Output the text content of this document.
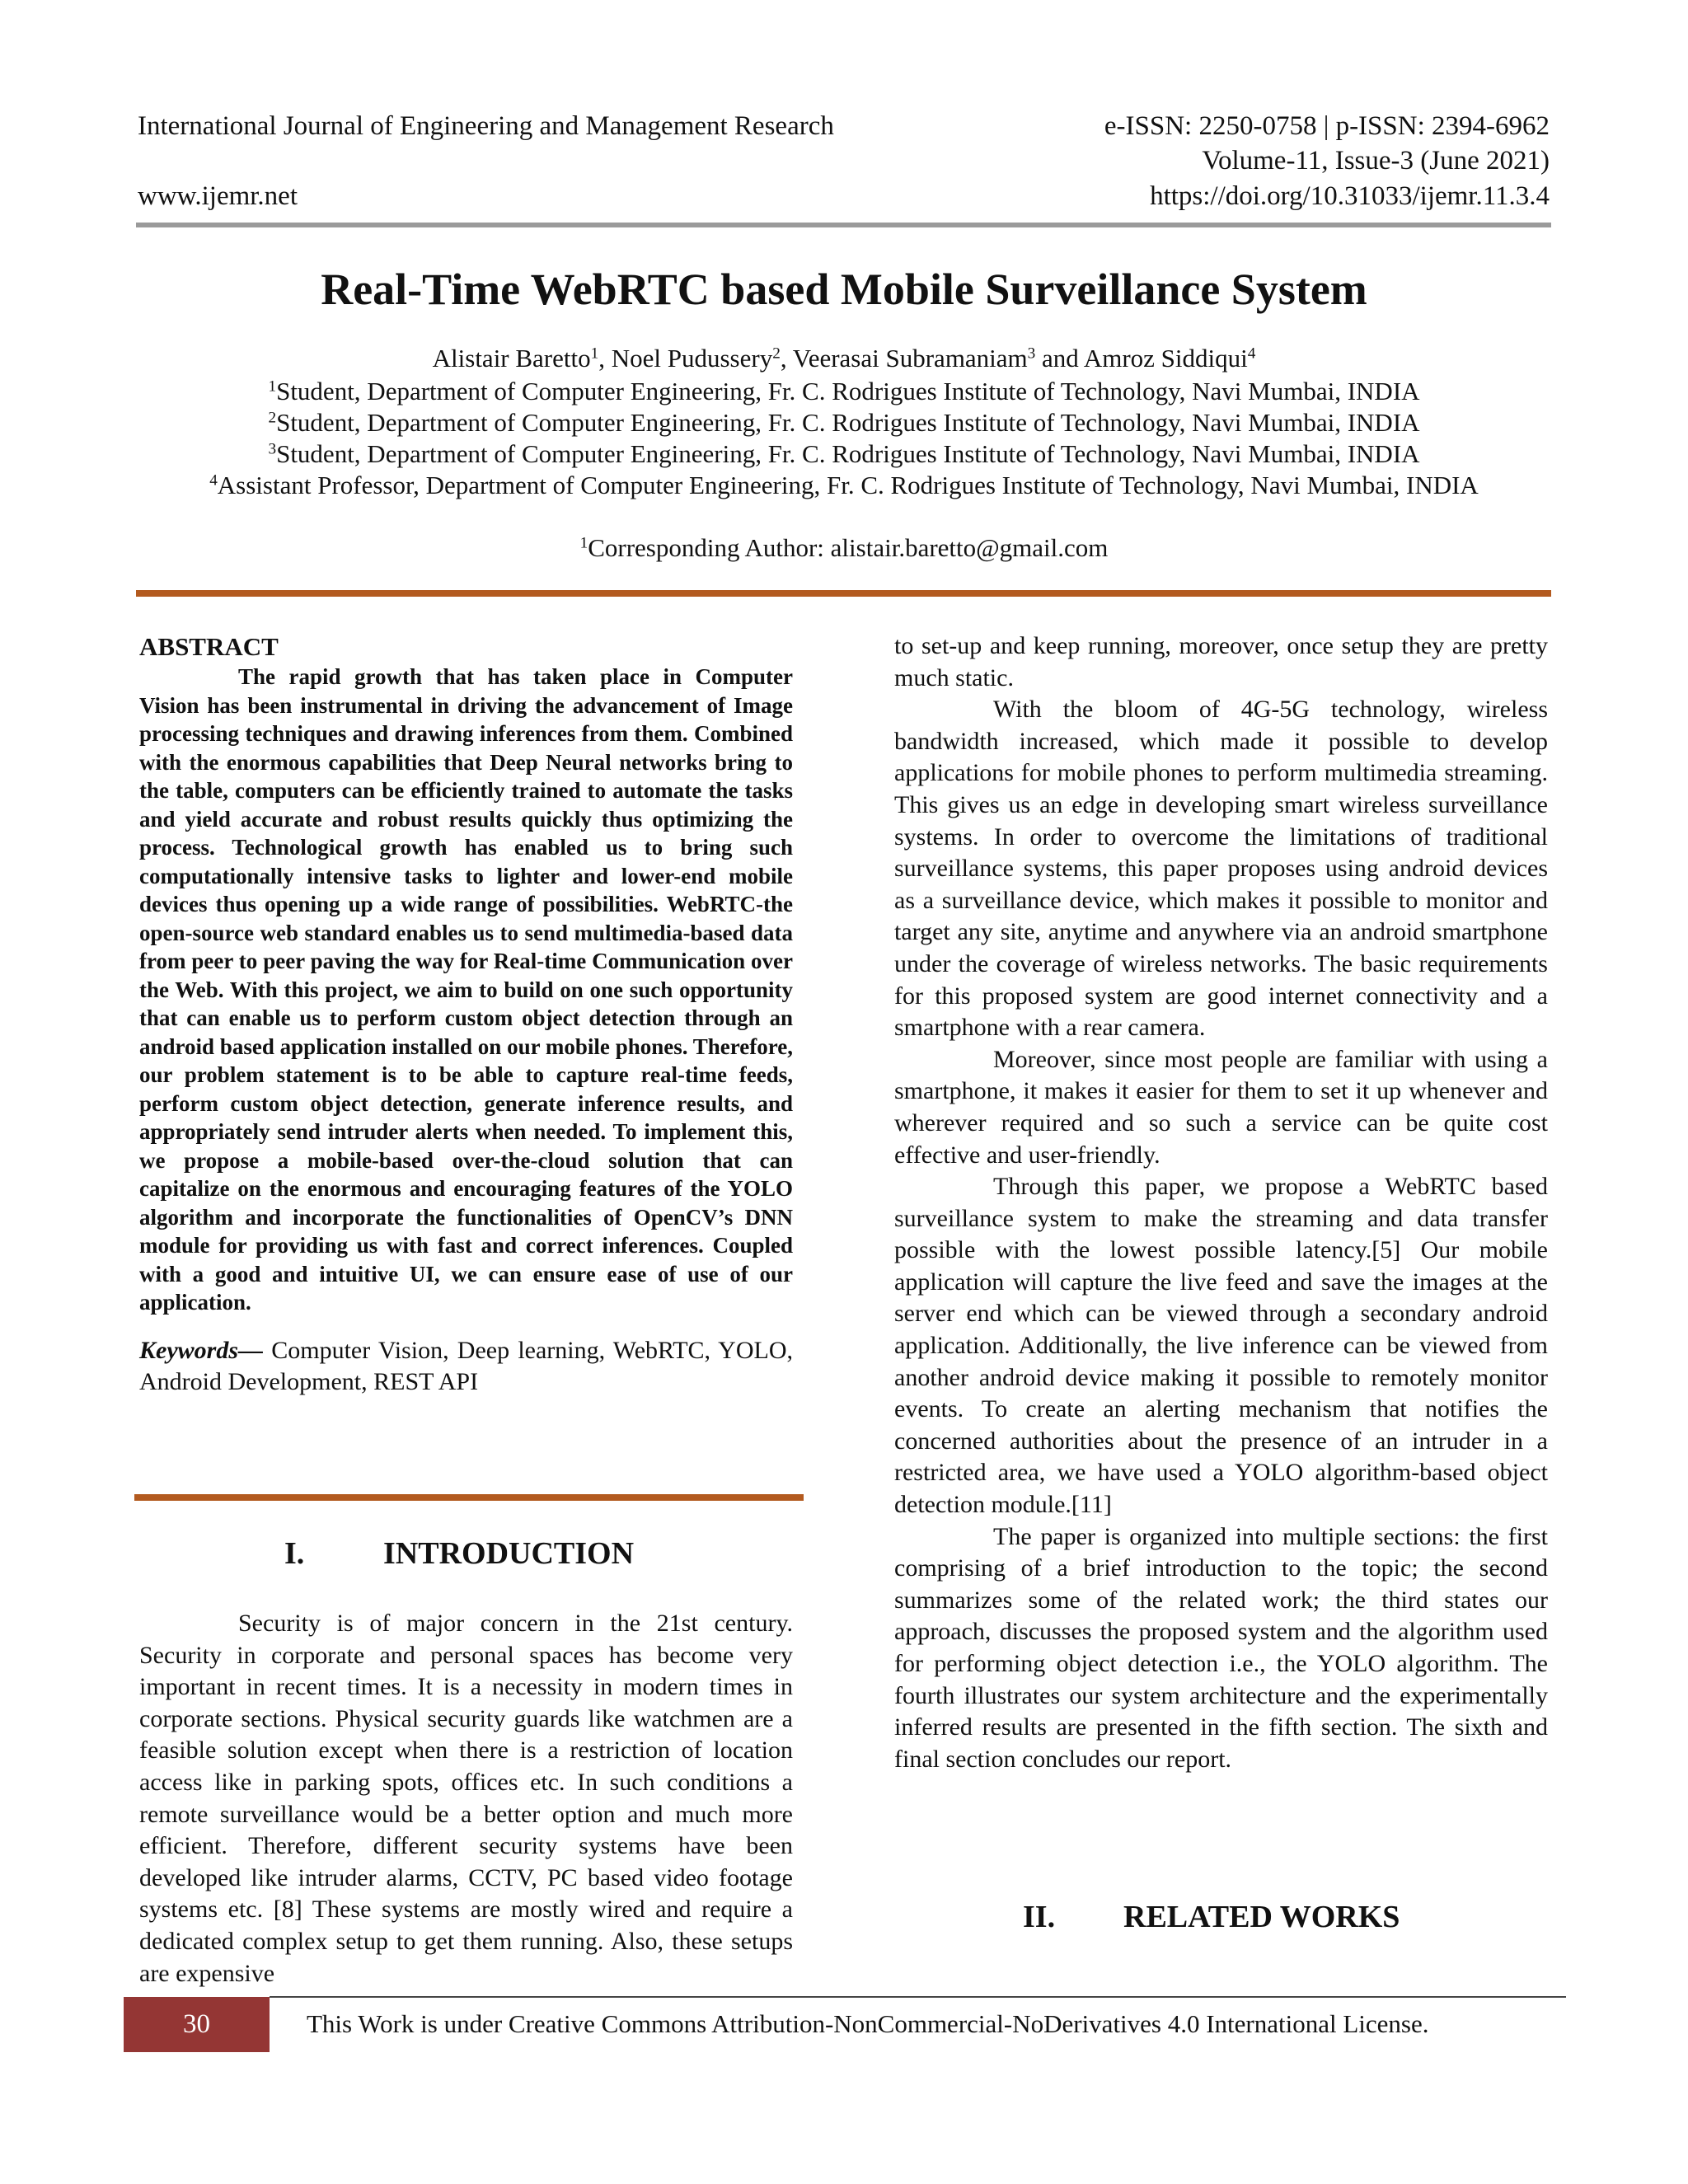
International Journal of Engineering and Management Research	e-ISSN: 2250-0758 | p-ISSN: 2394-6962
Volume-11, Issue-3 (June 2021)
www.ijemr.net	https://doi.org/10.31033/ijemr.11.3.4
Real-Time WebRTC based Mobile Surveillance System
Alistair Baretto$^1$, Noel Pudussery$^2$, Veerasai Subramaniam$^3$ and Amroz Siddiqui$^4$
$^1$Student, Department of Computer Engineering, Fr. C. Rodrigues Institute of Technology, Navi Mumbai, INDIA
$^2$Student, Department of Computer Engineering, Fr. C. Rodrigues Institute of Technology, Navi Mumbai, INDIA
$^3$Student, Department of Computer Engineering, Fr. C. Rodrigues Institute of Technology, Navi Mumbai, INDIA
$^4$Assistant Professor, Department of Computer Engineering, Fr. C. Rodrigues Institute of Technology, Navi Mumbai, INDIA
$^1$Corresponding Author: alistair.baretto@gmail.com

ABSTRACT

The rapid growth that has taken place in Computer Vision has been instrumental in driving the advancement of Image processing techniques and drawing inferences from them. Combined with the enormous capabilities that Deep Neural networks bring to the table, computers can be efficiently trained to automate the tasks and yield accurate and robust results quickly thus optimizing the process. Technological growth has enabled us to bring such computationally intensive tasks to lighter and lower-end mobile devices thus opening up a wide range of possibilities. WebRTC-the open-source web standard enables us to send multimedia-based data from peer to peer paving the way for Real-time Communication over the Web. With this project, we aim to build on one such opportunity that can enable us to perform custom object detection through an android based application installed on our mobile phones. Therefore, our problem statement is to be able to capture real-time feeds, perform custom object detection, generate inference results, and appropriately send intruder alerts when needed. To implement this, we propose a mobile-based over-the-cloud solution that can capitalize on the enormous and encouraging features of the YOLO algorithm and incorporate the functionalities of OpenCV’s DNN module for providing us with fast and correct inferences. Coupled with a good and intuitive UI, we can ensure ease of use of our application.

Keywords— Computer Vision, Deep learning, WebRTC, YOLO, Android Development, REST API

I.	INTRODUCTION

Security is of major concern in the 21st century. Security in corporate and personal spaces has become very important in recent times. It is a necessity in modern times in corporate sections. Physical security guards like watchmen are a feasible solution except when there is a restriction of location access like in parking spots, offices etc. In such conditions a remote surveillance would be a better option and much more efficient. Therefore, different security systems have been developed like intruder alarms, CCTV, PC based video footage systems etc. [8] These systems are mostly wired and require a dedicated complex setup to get them running. Also, these setups are expensive

to set-up and keep running, moreover, once setup they are pretty much static.

With the bloom of 4G-5G technology, wireless bandwidth increased, which made it possible to develop applications for mobile phones to perform multimedia streaming. This gives us an edge in developing smart wireless surveillance systems. In order to overcome the limitations of traditional surveillance systems, this paper proposes using android devices as a surveillance device, which makes it possible to monitor and target any site, anytime and anywhere via an android smartphone under the coverage of wireless networks. The basic requirements for this proposed system are good internet connectivity and a smartphone with a rear camera.

Moreover, since most people are familiar with using a smartphone, it makes it easier for them to set it up whenever and wherever required and so such a service can be quite cost effective and user-friendly.

Through this paper, we propose a WebRTC based surveillance system to make the streaming and data transfer possible with the lowest possible latency.[5] Our mobile application will capture the live feed and save the images at the server end which can be viewed through a secondary android application. Additionally, the live inference can be viewed from another android device making it possible to remotely monitor events. To create an alerting mechanism that notifies the concerned authorities about the presence of an intruder in a restricted area, we have used a YOLO algorithm-based object detection module.[11]

The paper is organized into multiple sections: the first comprising of a brief introduction to the topic; the second summarizes some of the related work; the third states our approach, discusses the proposed system and the algorithm used for performing object detection i.e., the YOLO algorithm. The fourth illustrates our system architecture and the experimentally inferred results are presented in the fifth section. The sixth and final section concludes our report.

II. RELATED WORKS
30	This Work is under Creative Commons Attribution-NonCommercial-NoDerivatives 4.0 International License.
